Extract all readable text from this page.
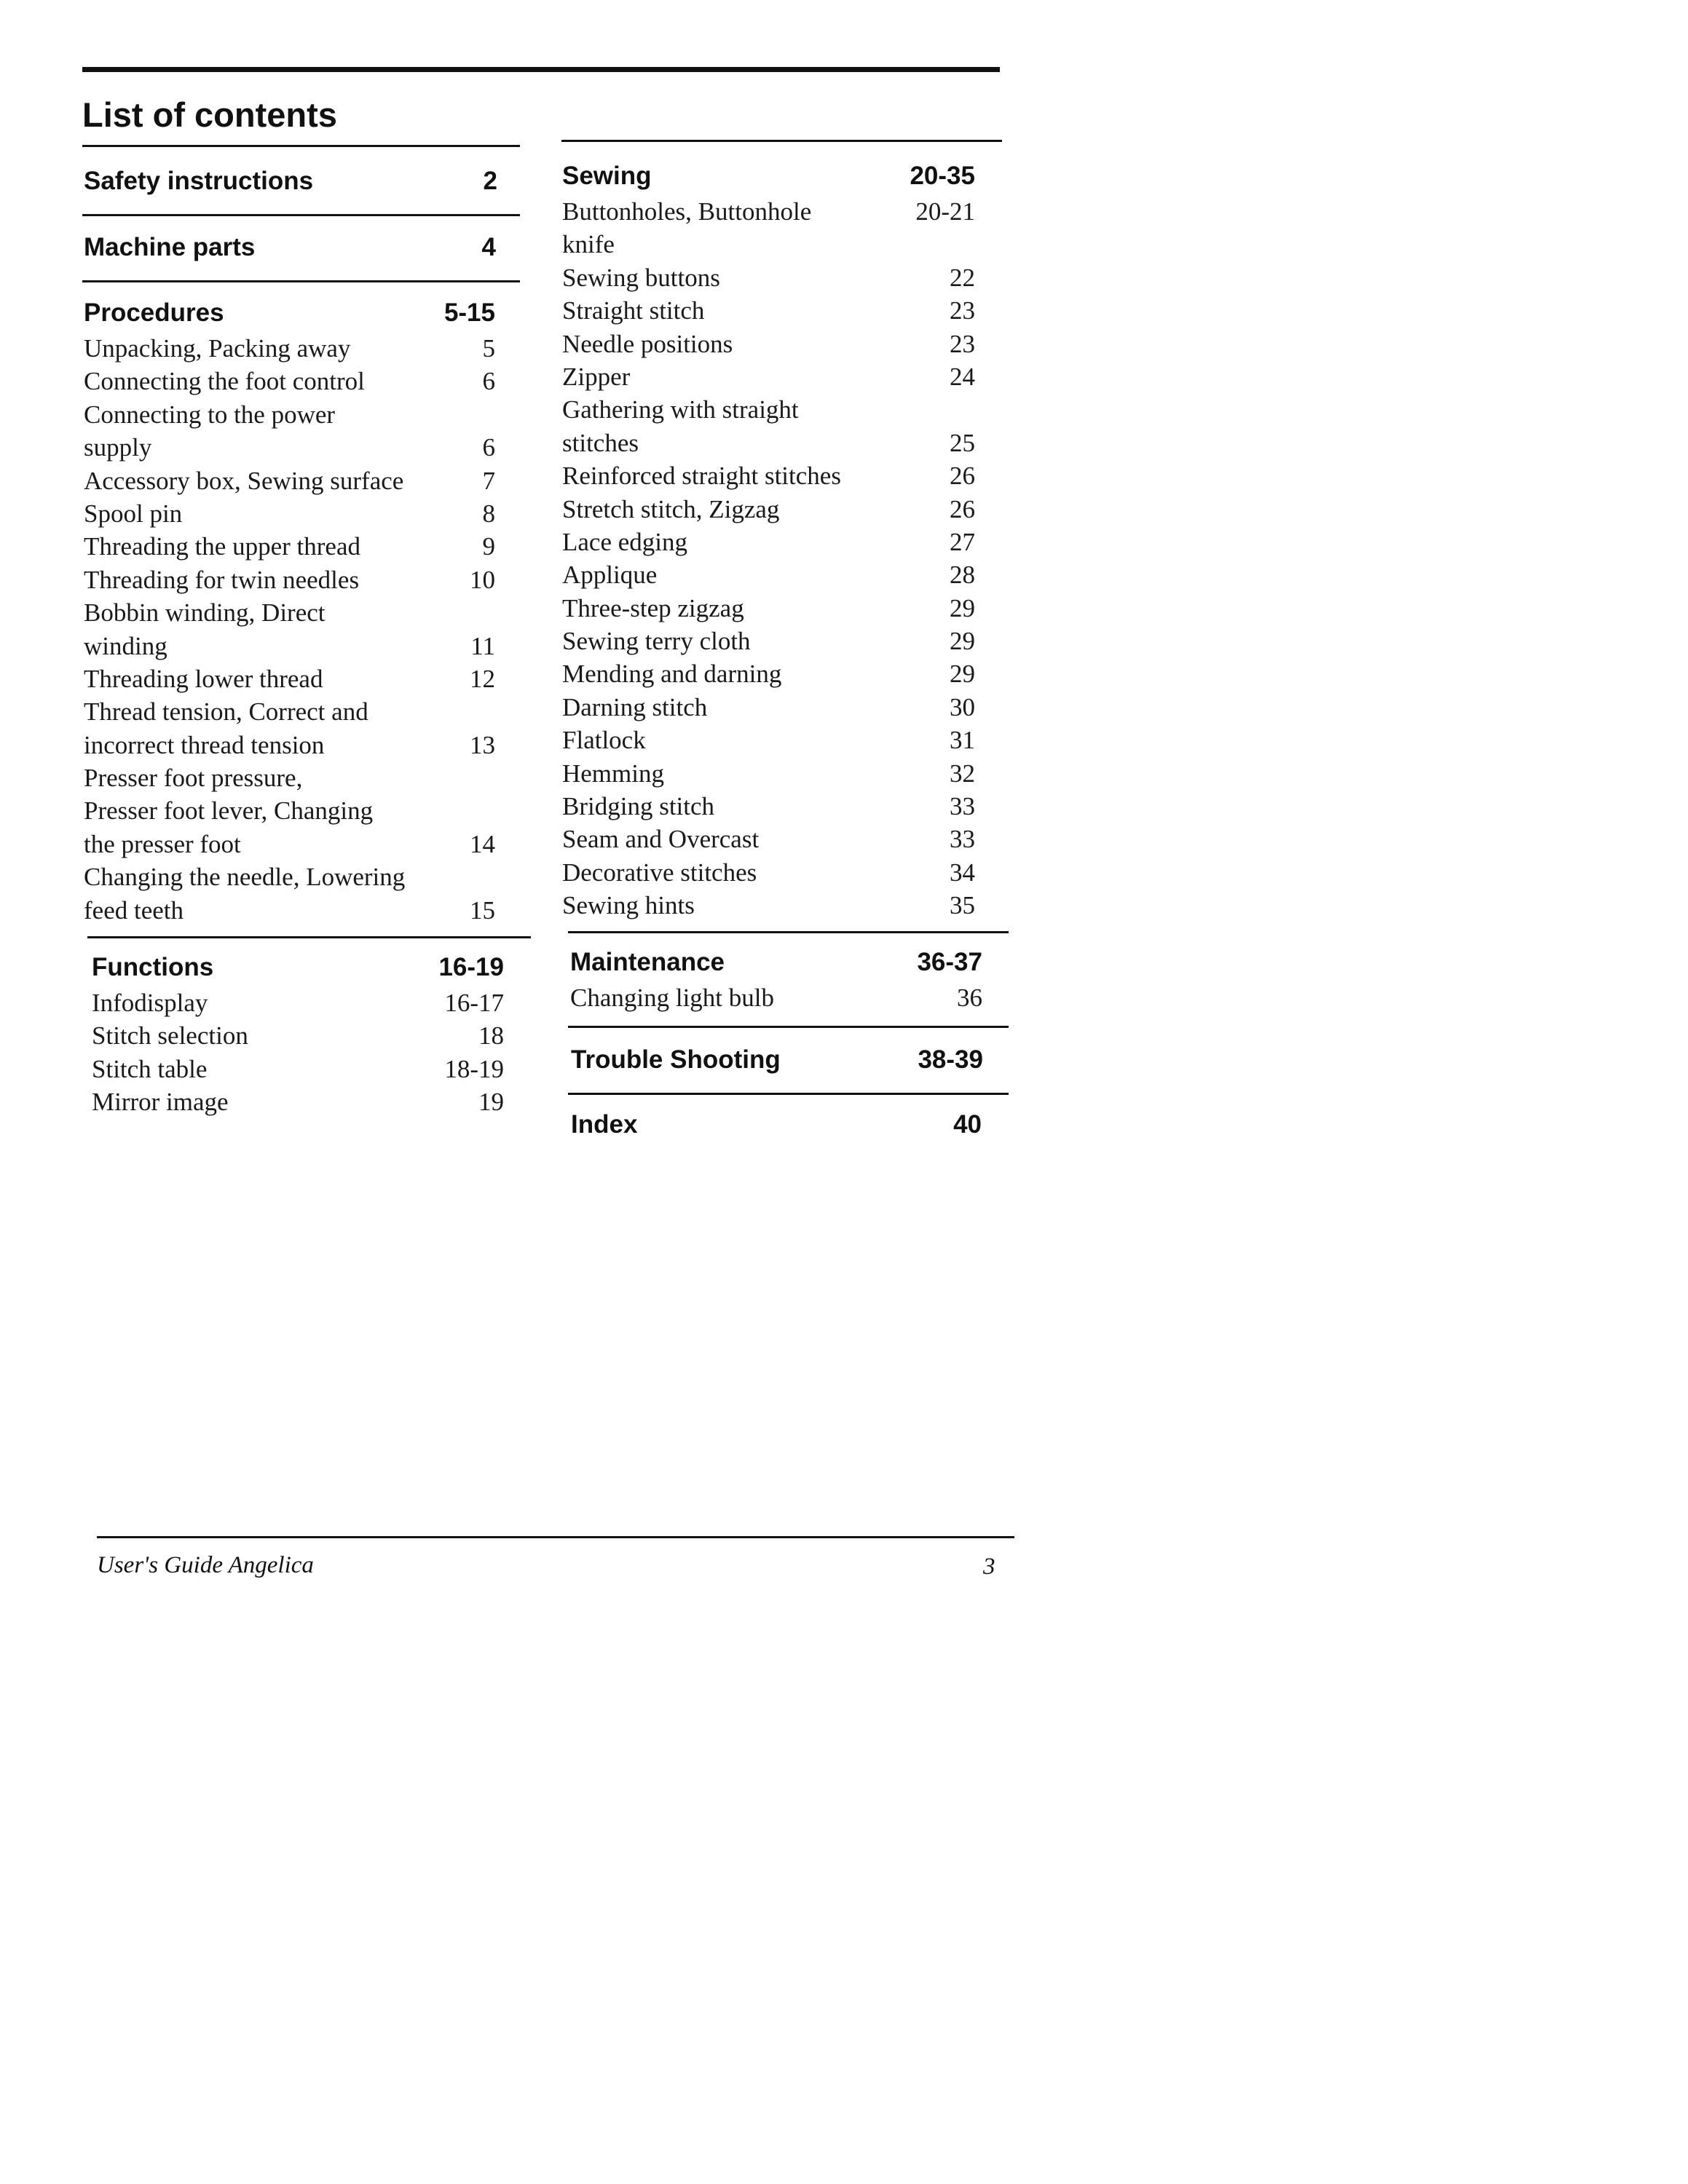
List of contents
Safety instructions	2
Machine parts	4
Procedures	5-15
Unpacking, Packing away	5
Connecting the foot control	6
Connecting to the power
supply	6
Accessory box, Sewing surface	7
Spool pin	8
Threading the upper thread	9
Threading for twin needles	10
Bobbin winding, Direct
winding	11
Threading lower thread	12
Thread tension, Correct and
incorrect thread tension	13
Presser foot pressure,
Presser foot lever, Changing
the presser foot	14
Changing the needle, Lowering
feed teeth	15
Functions	16-19
Infodisplay	16-17
Stitch selection	18
Stitch table	18-19
Mirror image	19
Sewing	20-35
Buttonholes, Buttonhole	20-21
knife
Sewing buttons	22
Straight stitch	23
Needle positions	23
Zipper	24
Gathering with straight
stitches	25
Reinforced straight stitches	26
Stretch stitch, Zigzag	26
Lace edging	27
Applique	28
Three-step zigzag	29
Sewing terry cloth	29
Mending and darning	29
Darning stitch	30
Flatlock	31
Hemming	32
Bridging stitch	33
Seam and Overcast	33
Decorative stitches	34
Sewing hints	35
Maintenance	36-37
Changing light bulb	36
Trouble Shooting	38-39
Index	40
User's Guide Angelica	3
